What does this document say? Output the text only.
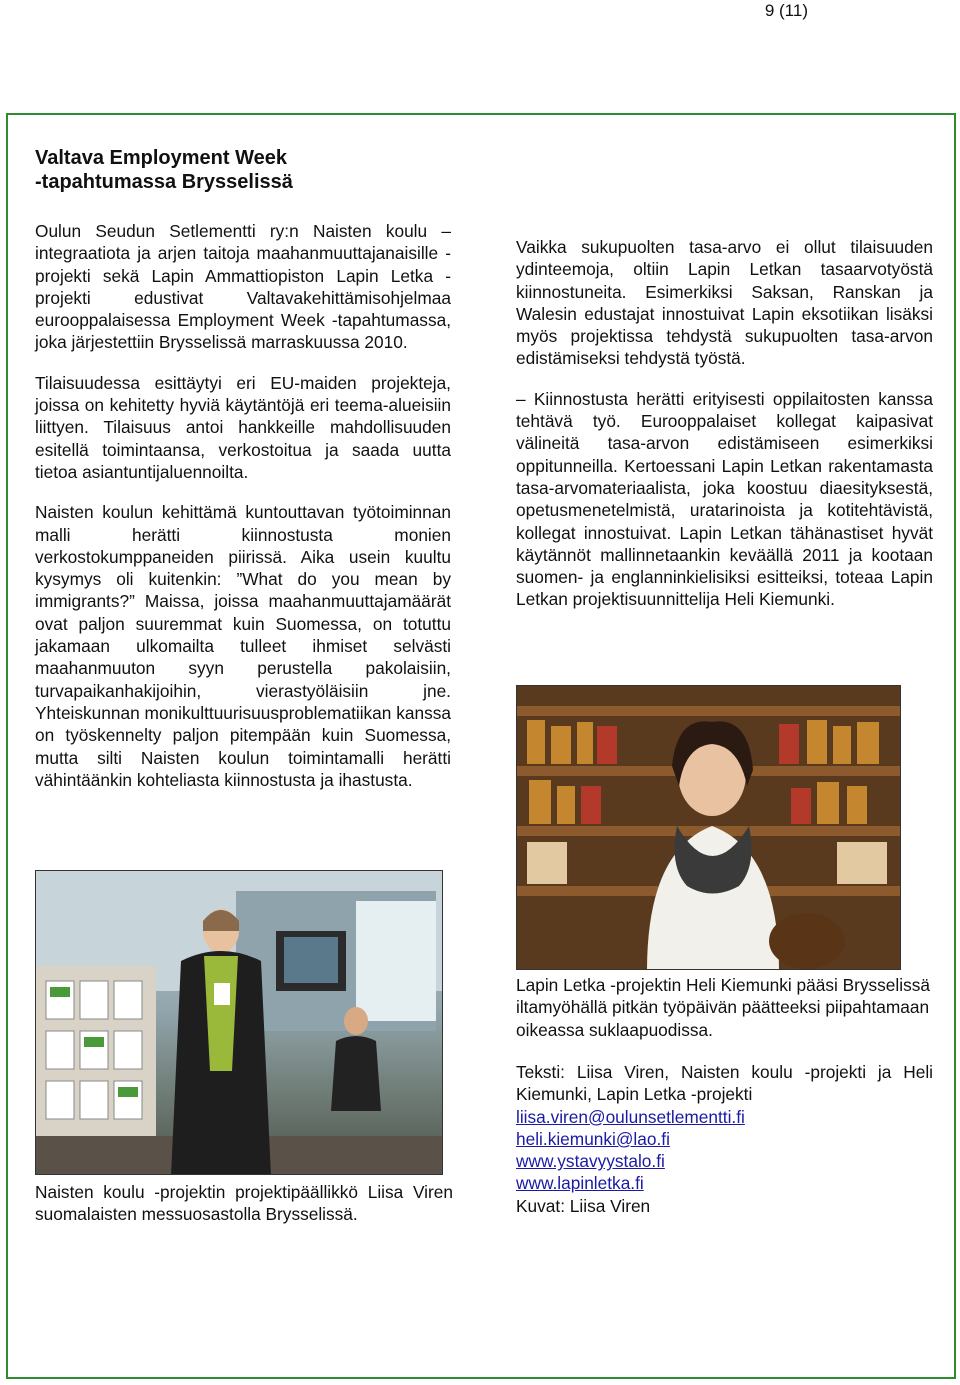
9 (11)
Valtava Employment Week
-tapahtumassa Brysselissä

Oulun Seudun Setlementti ry:n Naisten koulu – integraatiota ja arjen taitoja maahanmuuttajanaisille -projekti sekä Lapin Ammattiopiston Lapin Letka -projekti edustivat Valtavakehittämisohjelmaa eurooppalaisessa Employment Week -tapahtumassa, joka järjestettiin Brysselissä marraskuussa 2010.

Tilaisuudessa esittäytyi eri EU-maiden projekteja, joissa on kehitetty hyviä käytäntöjä eri teema-alueisiin liittyen. Tilaisuus antoi hankkeille mahdollisuuden esitellä toimintaansa, verkostoitua ja saada uutta tietoa asiantuntijaluennoilta.

Naisten koulun kehittämä kuntouttavan työtoiminnan malli herätti kiinnostusta monien verkostokumppaneiden piirissä. Aika usein kuultu kysymys oli kuitenkin: ”What do you mean by immigrants?” Maissa, joissa maahanmuuttajamäärät ovat paljon suuremmat kuin Suomessa, on totuttu jakamaan ulkomailta tulleet ihmiset selvästi maahanmuuton syyn perustella pakolaisiin, turvapaikanhakijoihin, vierastyöläisiin jne. Yhteiskunnan monikulttuurisuusproblematiikan kanssa on työskennelty paljon pitempään kuin Suomessa, mutta silti Naisten koulun toimintamalli herätti vähintäänkin kohteliasta kiinnostusta ja ihastusta.

Vaikka sukupuolten tasa-arvo ei ollut tilaisuuden ydinteemoja, oltiin Lapin Letkan tasaarvotyöstä kiinnostuneita. Esimerkiksi Saksan, Ranskan ja Walesin edustajat innostuivat Lapin eksotiikan lisäksi myös projektissa tehdystä sukupuolten tasa-arvon edistämiseksi tehdystä työstä.

– Kiinnostusta herätti erityisesti oppilaitosten kanssa tehtävä työ. Eurooppalaiset kollegat kaipasivat välineitä tasa-arvon edistämiseen esimerkiksi oppitunneilla. Kertoessani Lapin Letkan rakentamasta tasa-arvomateriaalista, joka koostuu diaesityksestä, opetusmenetelmistä, uratarinoista ja kotitehtävistä, kollegat innostuivat. Lapin Letkan tähänastiset hyvät käytännöt mallinnetaankin keväällä 2011 ja kootaan suomen- ja englanninkielisiksi esitteiksi, toteaa Lapin Letkan projektisuunnittelija Heli Kiemunki.

Naisten koulu -projektin projektipäällikkö Liisa Viren suomalaisten messuosastolla Brysselissä.
Lapin Letka -projektin Heli Kiemunki pääsi Brysselissä iltamyöhällä pitkän työpäivän päätteeksi piipahtamaan oikeassa suklaapuodissa.
Teksti: Liisa Viren, Naisten koulu -projekti ja Heli Kiemunki, Lapin Letka -projekti
liisa.viren@oulunsetlementti.fi
heli.kiemunki@lao.fi
www.ystavyystalo.fi
www.lapinletka.fi
Kuvat: Liisa Viren
